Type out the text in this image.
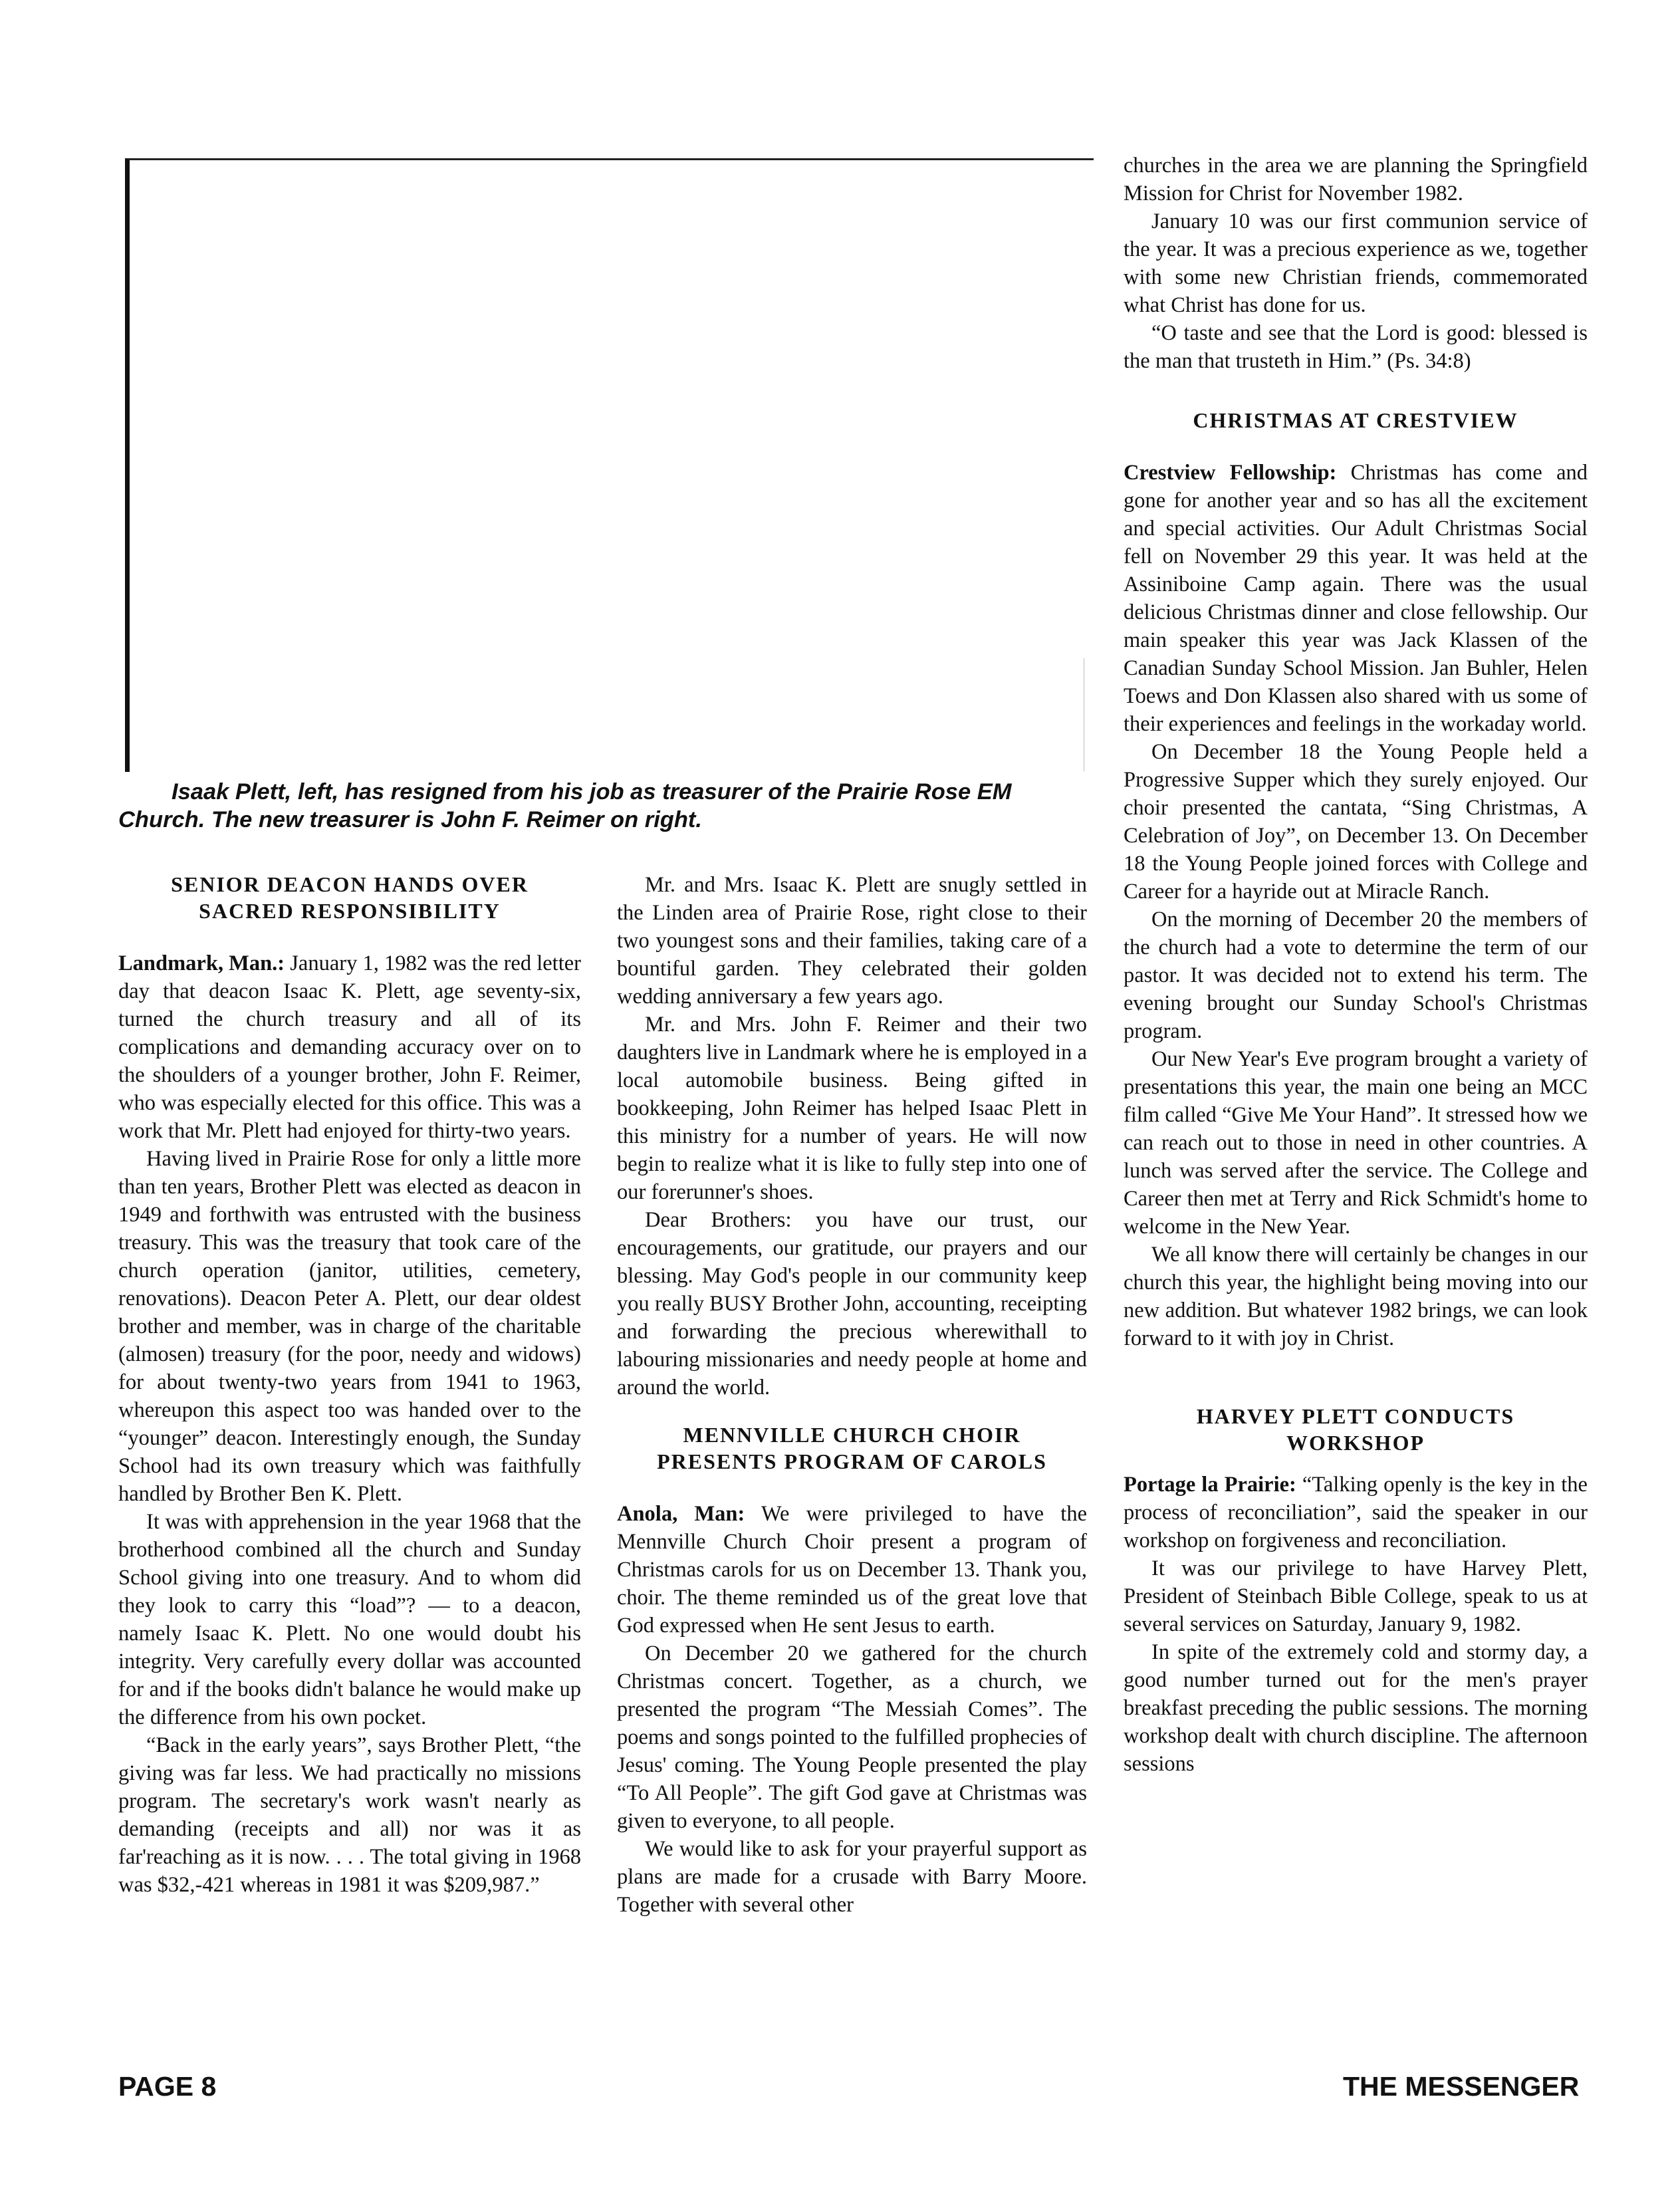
Isaak Plett, left, has resigned from his job as treasurer of the Prairie Rose EM
Church. The new treasurer is John F. Reimer on right.
SENIOR DEACON HANDS OVER
SACRED RESPONSIBILITY

Landmark, Man.: January 1, 1982 was the red letter day that deacon Isaac K. Plett, age seventy-six, turned the church treasury and all of its complications and demanding accuracy over on to the shoulders of a younger brother, John F. Reimer, who was especially elected for this office. This was a work that Mr. Plett had enjoyed for thirty-two years.

Having lived in Prairie Rose for only a little more than ten years, Brother Plett was elected as deacon in 1949 and forthwith was entrusted with the business treasury. This was the treasury that took care of the church operation (janitor, utilities, cemetery, renovations). Deacon Peter A. Plett, our dear oldest brother and member, was in charge of the charitable (almosen) treasury (for the poor, needy and widows) for about twenty-two years from 1941 to 1963, whereupon this aspect too was handed over to the “younger” deacon. Interestingly enough, the Sunday School had its own treasury which was faithfully handled by Brother Ben K. Plett.

It was with apprehension in the year 1968 that the brotherhood combined all the church and Sunday School giving into one treasury. And to whom did they look to carry this “load”? — to a deacon, namely Isaac K. Plett. No one would doubt his integrity. Very carefully every dollar was accounted for and if the books didn't balance he would make up the difference from his own pocket.

“Back in the early years”, says Brother Plett, “the giving was far less. We had practically no missions program. The secretary's work wasn't nearly as demanding (receipts and all) nor was it as far'reaching as it is now. . . . The total giving in 1968 was $32,-421 whereas in 1981 it was $209,987.”

Mr. and Mrs. Isaac K. Plett are snugly settled in the Linden area of Prairie Rose, right close to their two youngest sons and their families, taking care of a bountiful garden. They celebrated their golden wedding anniversary a few years ago.

Mr. and Mrs. John F. Reimer and their two daughters live in Landmark where he is employed in a local automobile business. Being gifted in bookkeeping, John Reimer has helped Isaac Plett in this ministry for a number of years. He will now begin to realize what it is like to fully step into one of our forerunner's shoes.

Dear Brothers: you have our trust, our encouragements, our gratitude, our prayers and our blessing. May God's people in our community keep you really BUSY Brother John, accounting, receipting and forwarding the precious wherewithall to labouring missionaries and needy people at home and around the world.

MENNVILLE CHURCH CHOIR
PRESENTS PROGRAM OF CAROLS

Anola, Man: We were privileged to have the Mennville Church Choir present a program of Christmas carols for us on December 13. Thank you, choir. The theme reminded us of the great love that God expressed when He sent Jesus to earth.

On December 20 we gathered for the church Christmas concert. Together, as a church, we presented the program “The Messiah Comes”. The poems and songs pointed to the fulfilled prophecies of Jesus' coming. The Young People presented the play “To All People”. The gift God gave at Christmas was given to everyone, to all people.

We would like to ask for your prayerful support as plans are made for a crusade with Barry Moore. Together with several other

churches in the area we are planning the Springfield Mission for Christ for November 1982.

January 10 was our first communion service of the year. It was a precious experience as we, together with some new Christian friends, commemorated what Christ has done for us.

“O taste and see that the Lord is good: blessed is the man that trusteth in Him.” (Ps. 34:8)

CHRISTMAS AT CRESTVIEW

Crestview Fellowship: Christmas has come and gone for another year and so has all the excitement and special activities. Our Adult Christmas Social fell on November 29 this year. It was held at the Assiniboine Camp again. There was the usual delicious Christmas dinner and close fellowship. Our main speaker this year was Jack Klassen of the Canadian Sunday School Mission. Jan Buhler, Helen Toews and Don Klassen also shared with us some of their experiences and feelings in the workaday world.

On December 18 the Young People held a Progressive Supper which they surely enjoyed. Our choir presented the cantata, “Sing Christmas, A Celebration of Joy”, on December 13. On December 18 the Young People joined forces with College and Career for a hayride out at Miracle Ranch.

On the morning of December 20 the members of the church had a vote to determine the term of our pastor. It was decided not to extend his term. The evening brought our Sunday School's Christmas program.

Our New Year's Eve program brought a variety of presentations this year, the main one being an MCC film called “Give Me Your Hand”. It stressed how we can reach out to those in need in other countries. A lunch was served after the service. The College and Career then met at Terry and Rick Schmidt's home to welcome in the New Year.

We all know there will certainly be changes in our church this year, the highlight being moving into our new addition. But whatever 1982 brings, we can look forward to it with joy in Christ.

HARVEY PLETT CONDUCTS
WORKSHOP

Portage la Prairie: “Talking openly is the key in the process of reconciliation”, said the speaker in our workshop on forgiveness and reconciliation.

It was our privilege to have Harvey Plett, President of Steinbach Bible College, speak to us at several services on Saturday, January 9, 1982.

In spite of the extremely cold and stormy day, a good number turned out for the men's prayer breakfast preceding the public sessions. The morning workshop dealt with church discipline. The afternoon sessions

PAGE 8	THE MESSENGER
